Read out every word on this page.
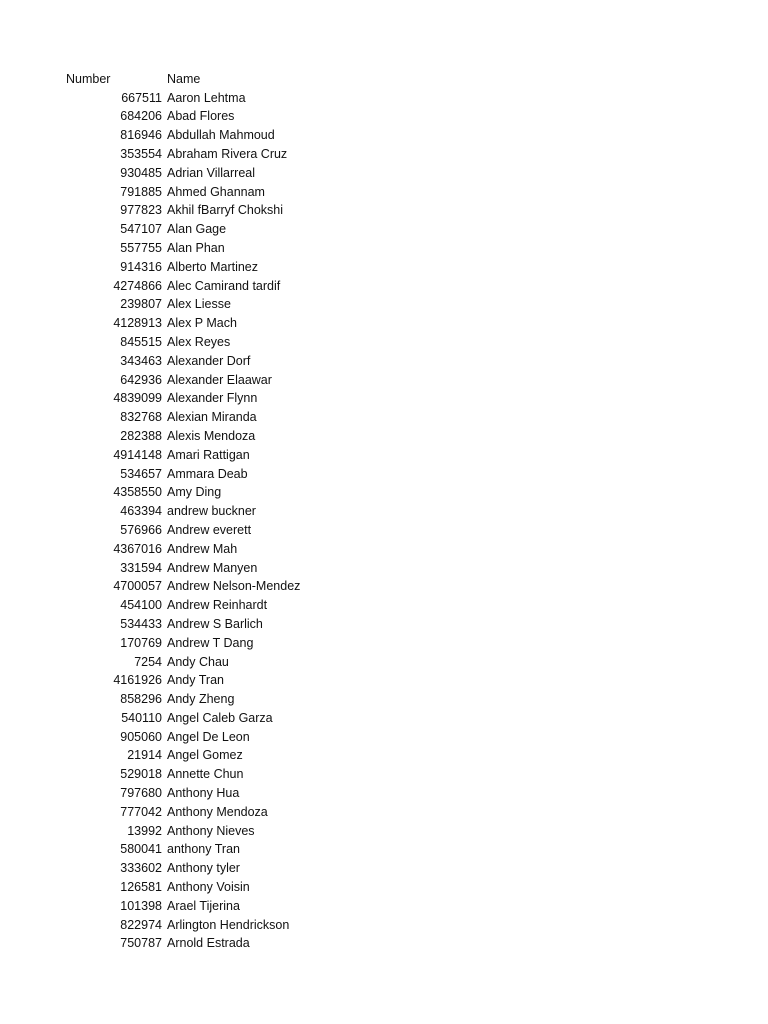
Number	Name
667511 Aaron Lehtma
684206 Abad Flores
816946 Abdullah Mahmoud
353554 Abraham Rivera Cruz
930485 Adrian Villarreal
791885 Ahmed Ghannam
977823 Akhil fBarryf Chokshi
547107 Alan Gage
557755 Alan Phan
914316 Alberto Martinez
4274866 Alec Camirand tardif
239807 Alex Liesse
4128913 Alex P Mach
845515 Alex Reyes
343463 Alexander Dorf
642936 Alexander Elaawar
4839099 Alexander Flynn
832768 Alexian Miranda
282388 Alexis Mendoza
4914148 Amari Rattigan
534657 Ammara Deab
4358550 Amy Ding
463394 andrew buckner
576966 Andrew everett
4367016 Andrew Mah
331594 Andrew Manyen
4700057 Andrew Nelson-Mendez
454100 Andrew Reinhardt
534433 Andrew S Barlich
170769 Andrew T Dang
7254 Andy Chau
4161926 Andy Tran
858296 Andy Zheng
540110 Angel Caleb Garza
905060 Angel De Leon
21914 Angel Gomez
529018 Annette Chun
797680 Anthony Hua
777042 Anthony Mendoza
13992 Anthony Nieves
580041 anthony Tran
333602 Anthony tyler
126581 Anthony Voisin
101398 Arael Tijerina
822974 Arlington Hendrickson
750787 Arnold Estrada
